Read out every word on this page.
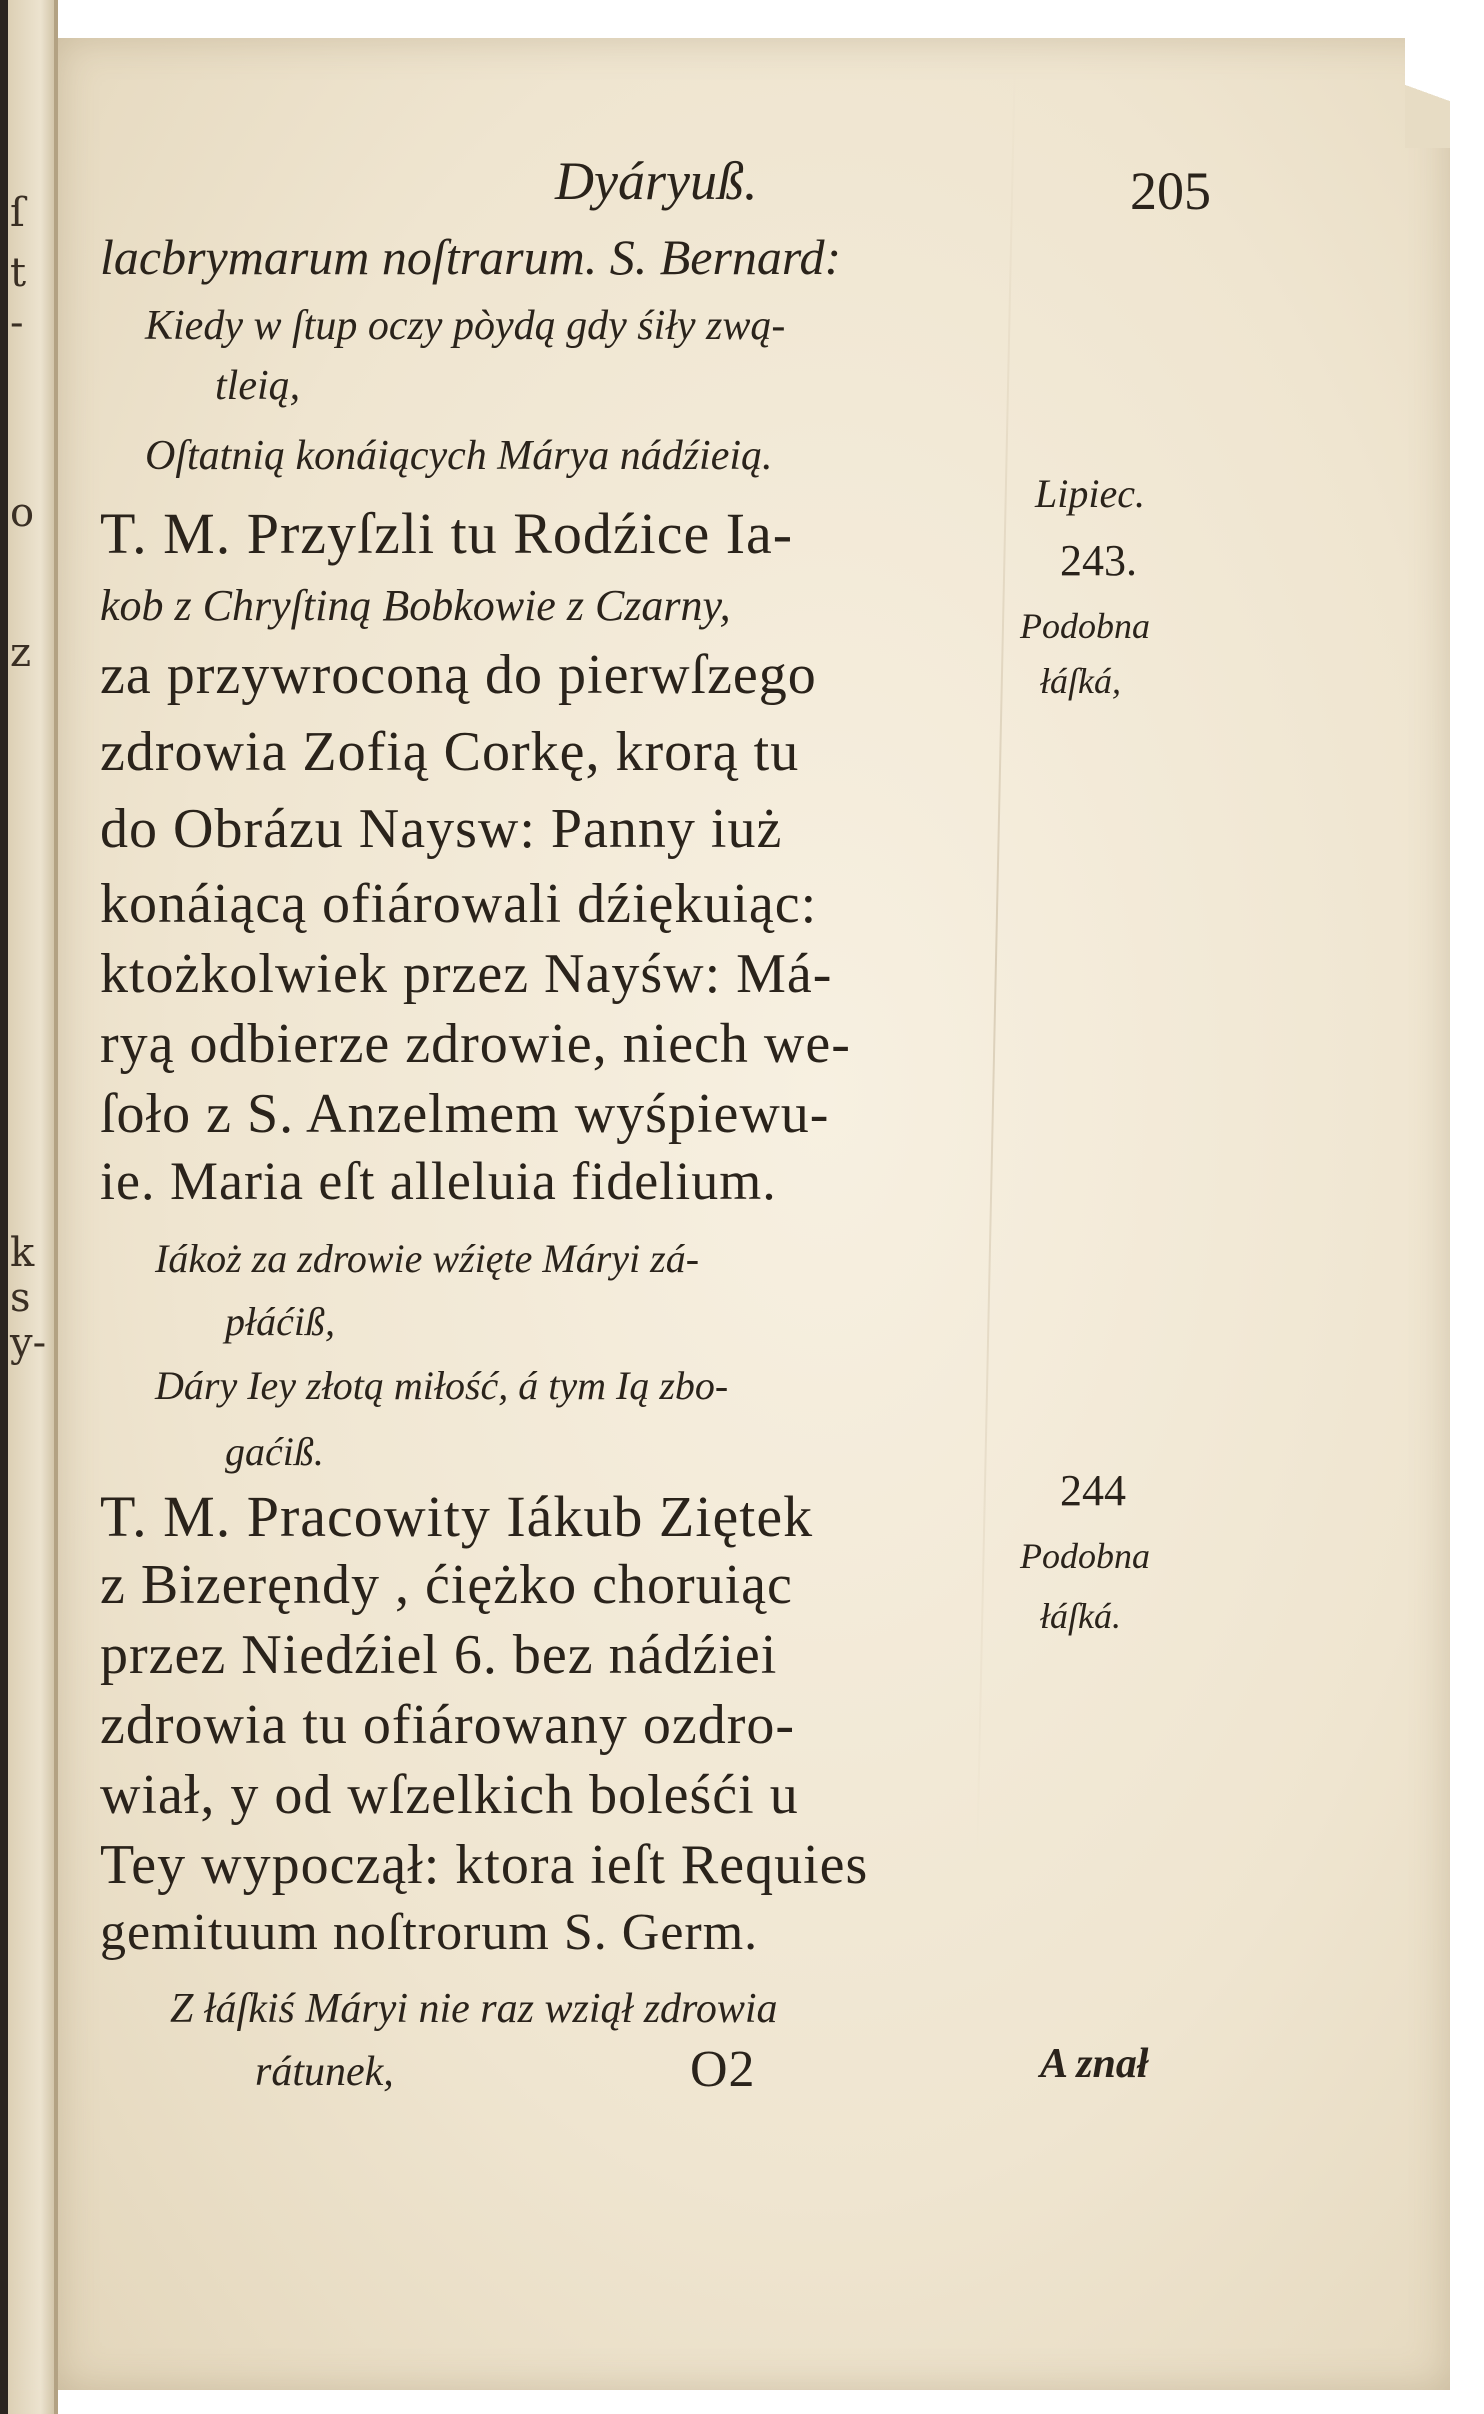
ſ
t
-
o
z
k
s
y-
Dyáryuß.	205
lacbrymarum noſtrarum. S. Bernard:
Kiedy w ſtup oczy pòydą gdy śiły zwą-
tleią,
Oſtatnią konáiących Márya nádźieią.
T. M. Przyſzli tu Rodźice Ia-
kob z Chryſtiną Bobkowie z Czarny,
za przywroconą do pierwſzego
zdrowia Zofią Corkę, krorą tu
do Obrázu Naysw: Panny iuż
konáiącą ofiárowali dźiękuiąc:
ktożkolwiek przez Nayśw: Má-
ryą odbierze zdrowie, niech we-
ſoło z S. Anzelmem wyśpiewu-
ie. Maria eſt alleluia fidelium.
Iákoż za zdrowie wźięte Máryi zá-
płáćiß,
Dáry Iey złotą miłość, á tym Ią zbo-
gaćiß.
T. M. Pracowity Iákub Ziętek
z Bizeręndy , ćiężko choruiąc
przez Niedźiel 6. bez nádźiei
zdrowia tu ofiárowany ozdro-
wiał, y od wſzelkich boleśći u
Tey wypoczął: ktora ieſt Requies
gemituum noſtrorum S. Germ.
Z łáſkiś Máryi nie raz wziął zdrowia
rátunek,	O2
Lipiec.
243.
Podobna
łáſká,
244
Podobna
łáſká.
A znał
